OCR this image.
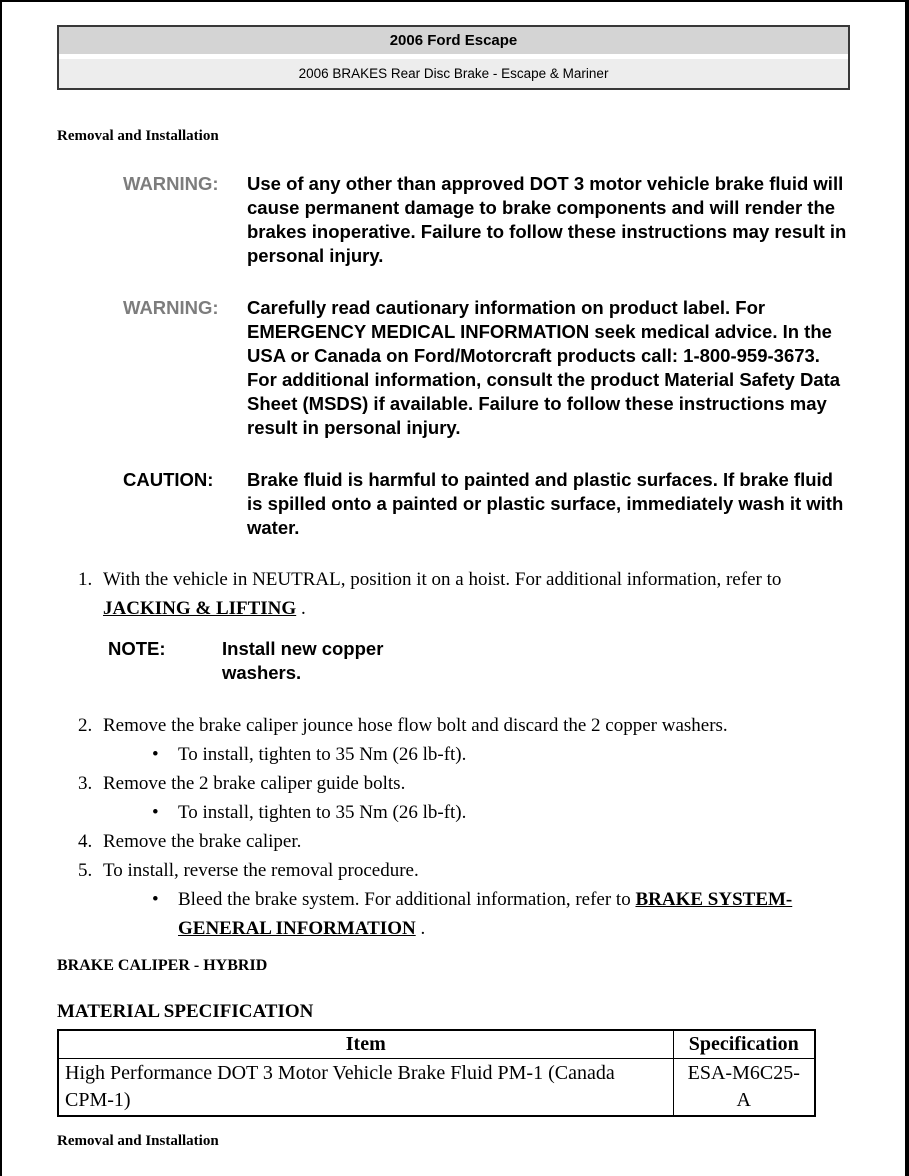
2006 Ford Escape
2006 BRAKES Rear Disc Brake - Escape & Mariner
Removal and Installation
WARNING:	Use of any other than approved DOT 3 motor vehicle brake fluid will cause permanent damage to brake components and will render the brakes inoperative. Failure to follow these instructions may result in personal injury.
WARNING:	Carefully read cautionary information on product label. For EMERGENCY MEDICAL INFORMATION seek medical advice. In the USA or Canada on Ford/Motorcraft products call: 1-800-959-3673. For additional information, consult the product Material Safety Data Sheet (MSDS) if available. Failure to follow these instructions may result in personal injury.
CAUTION:	Brake fluid is harmful to painted and plastic surfaces. If brake fluid is spilled onto a painted or plastic surface, immediately wash it with water.
1. With the vehicle in NEUTRAL, position it on a hoist. For additional information, refer to JACKING & LIFTING .
NOTE:	Install new copper washers.
2. Remove the brake caliper jounce hose flow bolt and discard the 2 copper washers.
•	To install, tighten to 35 Nm (26 lb-ft).
3. Remove the 2 brake caliper guide bolts.
•	To install, tighten to 35 Nm (26 lb-ft).
4. Remove the brake caliper.
5. To install, reverse the removal procedure.
•	Bleed the brake system. For additional information, refer to BRAKE SYSTEM-GENERAL INFORMATION .
BRAKE CALIPER - HYBRID
MATERIAL SPECIFICATION
Item	Specification
High Performance DOT 3 Motor Vehicle Brake Fluid PM-1 (Canada CPM-1)	ESA-M6C25-A
Removal and Installation
